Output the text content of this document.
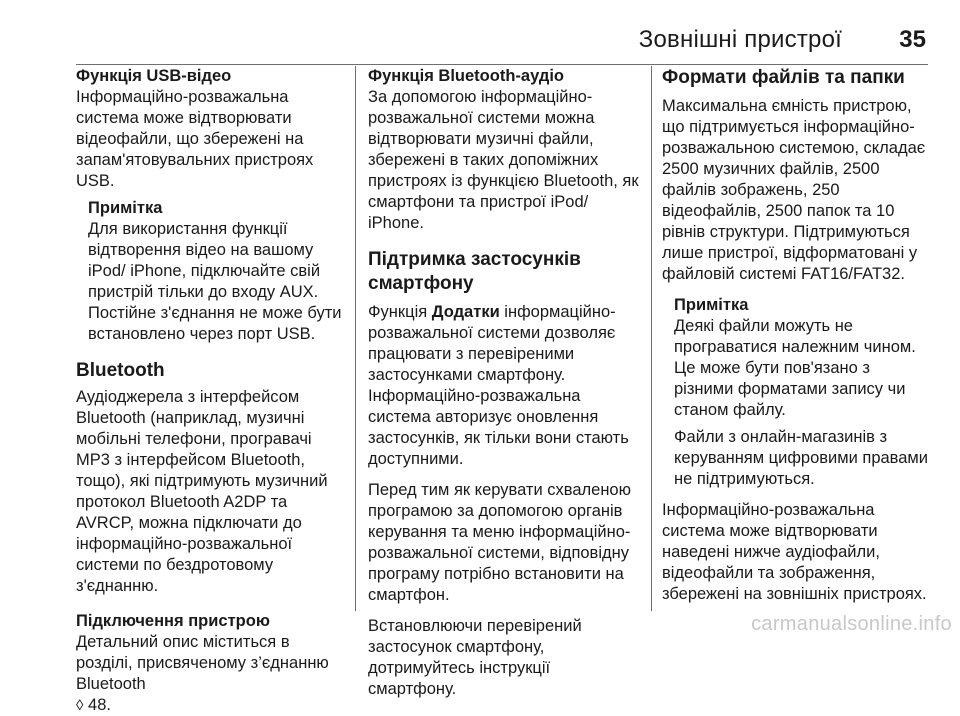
Зовнішні пристрої 35

Функція USB-відео

Інформаційно-розважальна система може відтворювати відеофайли, що збережені на запам'ятовувальних пристроях USB.

Примітка

Для використання функції відтворення відео на вашому iPod/ iPhone, підключайте свій пристрій тільки до входу AUX. Постійне з'єднання не може бути встановлено через порт USB.

Bluetooth

Аудіоджерела з інтерфейсом Bluetooth (наприклад, музичні мобільні телефони, програвачі MP3 з інтерфейсом Bluetooth, тощо), які підтримують музичний протокол Bluetooth A2DP та AVRCP, можна підключати до інформаційно-розважальної системи по бездротовому з'єднанню.

Підключення пристрою

Детальний опис міститься в розділі, присвяченому з’єднанню Bluetooth
◊ 48.

Функція Bluetooth-аудіо

За допомогою інформаційно-розважальної системи можна відтворювати музичні файли, збережені в таких допоміжних пристроях із функцією Bluetooth, як смартфони та пристрої iPod/ iPhone.

Підтримка застосунків смартфону

Функція Додатки інформаційно-розважальної системи дозволяє працювати з перевіреними застосунками смартфону. Інформаційно-розважальна система авторизує оновлення застосунків, як тільки вони стають доступними.

Перед тим як керувати схваленою програмою за допомогою органів керування та меню інформаційно-розважальної системи, відповідну програму потрібно встановити на смартфон.

Встановлюючи перевірений застосунок смартфону, дотримуйтесь інструкції смартфону.

Формати файлів та папки

Максимальна ємність пристрою, що підтримується інформаційно-розважальною системою, складає 2500 музичних файлів, 2500 файлів зображень, 250 відеофайлів, 2500 папок та 10 рівнів структури. Підтримуються лише пристрої, відформатовані у файловій системі FAT16/FAT32.

Примітка

Деякі файли можуть не програватися належним чином. Це може бути пов'язано з різними форматами запису чи станом файлу.

Файли з онлайн-магазинів з керуванням цифровими правами не підтримуються.

Інформаційно-розважальна система може відтворювати наведені нижче аудіофайли, відеофайли та зображення, збережені на зовнішніх пристроях.

carmanualsonline.info
